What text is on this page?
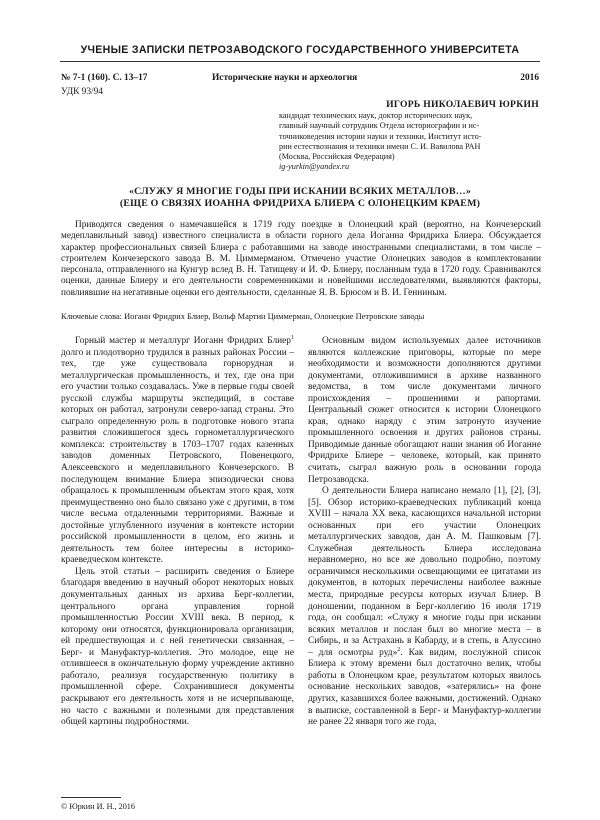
УЧЕНЫЕ ЗАПИСКИ ПЕТРОЗАВОДСКОГО ГОСУДАРСТВЕННОГО УНИВЕРСИТЕТА
№ 7-1 (160). С. 13–17	Исторические науки и археология	2016
УДК 93/94
ИГОРЬ НИКОЛАЕВИЧ ЮРКИН
кандидат технических наук, доктор исторических наук,
главный научный сотрудник Отдела историографии и ис-
точниковедения истории науки и техники, Институт исто-
рии естествознания и техники имени С. И. Вавилова РАН
(Москва, Российская Федерация)
ig-yurkin@yandex.ru
«СЛУЖУ Я МНОГИЕ ГОДЫ ПРИ ИСКАНИИ ВСЯКИХ МЕТАЛЛОВ…»
(ЕЩЕ О СВЯЗЯХ ИОАННА ФРИДРИХА БЛИЕРА С ОЛОНЕЦКИМ КРАЕМ)

Приводятся сведения о намечавшейся в 1719 году поездке в Олонецкий край (вероятно, на Кончезерский медеплавильный завод) известного специалиста в области горного дела Иоганна Фридриха Блиера. Обсуждается характер профессиональных связей Блиера с работавшими на заводе иностранными специалистами, в том числе – строителем Кончезерского завода В. М. Циммерманом. Отмечено участие Олонецких заводов в комплектовании персонала, отправленного на Кунгур вслед В. Н. Татищеву и И. Ф. Блиеру, посланным туда в 1720 году. Сравниваются оценки, данные Блиеру и его деятельности современниками и новейшими исследователями, выявляются факторы, повлиявшие на негативные оценки его деятельности, сделанные Я. В. Брюсом и В. И. Генниным.

Ключевые слова: Иоганн Фридрих Блиер, Вольф Мартин Циммерман, Олонецкие Петровские заводы

Горный мастер и металлург Иоганн Фридрих Блиер$^1$ долго и плодотворно трудился в разных районах России – тех, где уже существовала горнорудная и металлургическая промышленность, и тех, где она при его участии только создавалась. Уже в первые годы своей русской службы маршруты экспедиций, в составе которых он работал, затронули северо-запад страны. Это сыграло определенную роль в подготовке нового этапа развития сложившегося здесь горнометаллургического комплекса: строительству в 1703–1707 годах казенных заводов доменных Петровского, Повенецкого, Алексеевского и медеплавильного Кончезерского. В последующем внимание Блиера эпизодически снова обращалось к промышленным объектам этого края, хотя преимущественно оно было связано уже с другими, в том числе весьма отдаленными территориями. Важные и достойные углубленного изучения в контексте истории российской промышленности в целом, его жизнь и деятельность тем более интересны в историко-краеведческом контексте.

Цель этой статьи – расширить сведения о Блиере благодаря введению в научный оборот некоторых новых документальных данных из архива Берг-коллегии, центрального органа управления горной промышленностью России XVIII века. В период, к которому они относятся, функционировала организация, ей предшествующая и с ней генетически связанная, – Берг- и Мануфактур-коллегия. Это молодое, еще не отлившееся в окончательную форму учреждение активно работало, реализуя государственную политику в промышленной сфере. Сохранившиеся документы раскрывают его деятельность хотя и не исчерпывающе, но часто с важными и полезными для представления общей картины подробностями.

Основным видом используемых далее источников являются коллежские приговоры, которые по мере необходимости и возможности дополняются другими документами, отложившимися в архиве названного ведомства, в том числе документами личного происхождения – прошениями и рапортами. Центральный сюжет относится к истории Олонецкого края, однако наряду с этим затронуто изучение промышленного освоения и других районов страны. Приводимые данные обогащают наши знания об Иоганне Фридрихе Блиере – человеке, который, как принято считать, сыграл важную роль в основании города Петрозаводска.

О деятельности Блиера написано немало [1], [2], [3], [5]. Обзор историко-краеведческих публикаций конца XVIII – начала XX века, касающихся начальной истории основанных при его участии Олонецких металлургических заводов, дан А. М. Пашковым [7]. Служебная деятельность Блиера исследована неравномерно, но все же довольно подробно, поэтому ограничимся несколькими освещающими ее цитатами из документов, в которых перечислены наиболее важные места, природные ресурсы которых изучал Блиер. В доношении, поданном в Берг-коллегию 16 июля 1719 года, он сообщал: «Служу я многие годы при искании всяких металлов и послан был во многие места – в Сибирь, и за Астрахань в Кабарду, и в степь, в Алуссино – для осмотры руд»$^2$. Как видим, послужной список Блиера к этому времени был достаточно велик, чтобы работы в Олонецком крае, результатом которых явилось основание нескольких заводов, «затерялись» на фоне других, казавшихся более важными, достижений. Однако в выписке, составленной в Берг- и Мануфактур-коллегии не ранее 22 января того же года,

© Юркин И. Н., 2016
